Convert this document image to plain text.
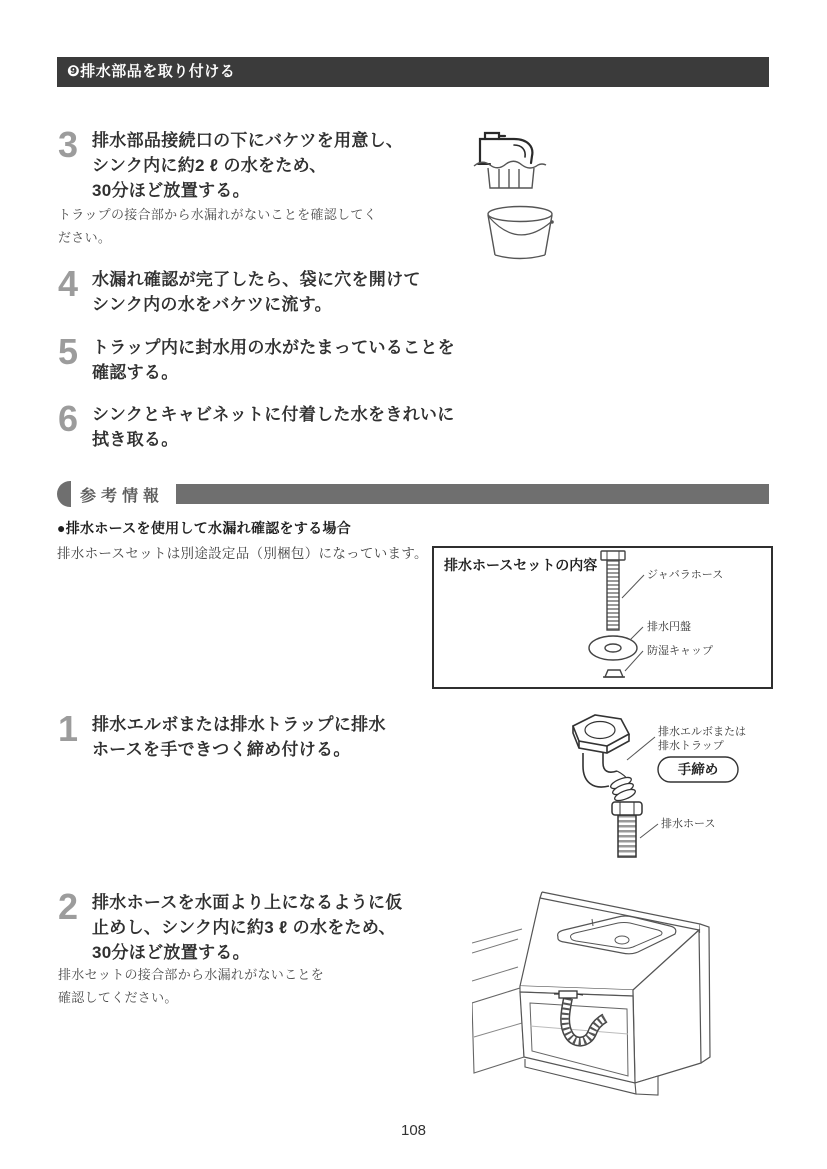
❾排水部品を取り付ける
3 排水部品接続口の下にバケツを用意し、
シンク内に約2 ℓ の水をため、
30分ほど放置する。
トラップの接合部から水漏れがないことを確認してく
ださい。
4 水漏れ確認が完了したら、袋に穴を開けて
シンク内の水をバケツに流す。
5 トラップ内に封水用の水がたまっていることを
確認する。
6 シンクとキャビネットに付着した水をきれいに
拭き取る。
参考情報
●排水ホースを使用して水漏れ確認をする場合
排水ホースセットは別途設定品（別梱包）になっています。
排水ホースセットの内容
ジャバラホース
排水円盤
防湿キャップ
1 排水エルボまたは排水トラップに排水
ホースを手できつく締め付ける。
排水エルボまたは
排水トラップ
手締め
排水ホース
2 排水ホースを水面より上になるように仮
止めし、シンク内に約3 ℓ の水をため、
30分ほど放置する。
排水セットの接合部から水漏れがないことを
確認してください。
108
